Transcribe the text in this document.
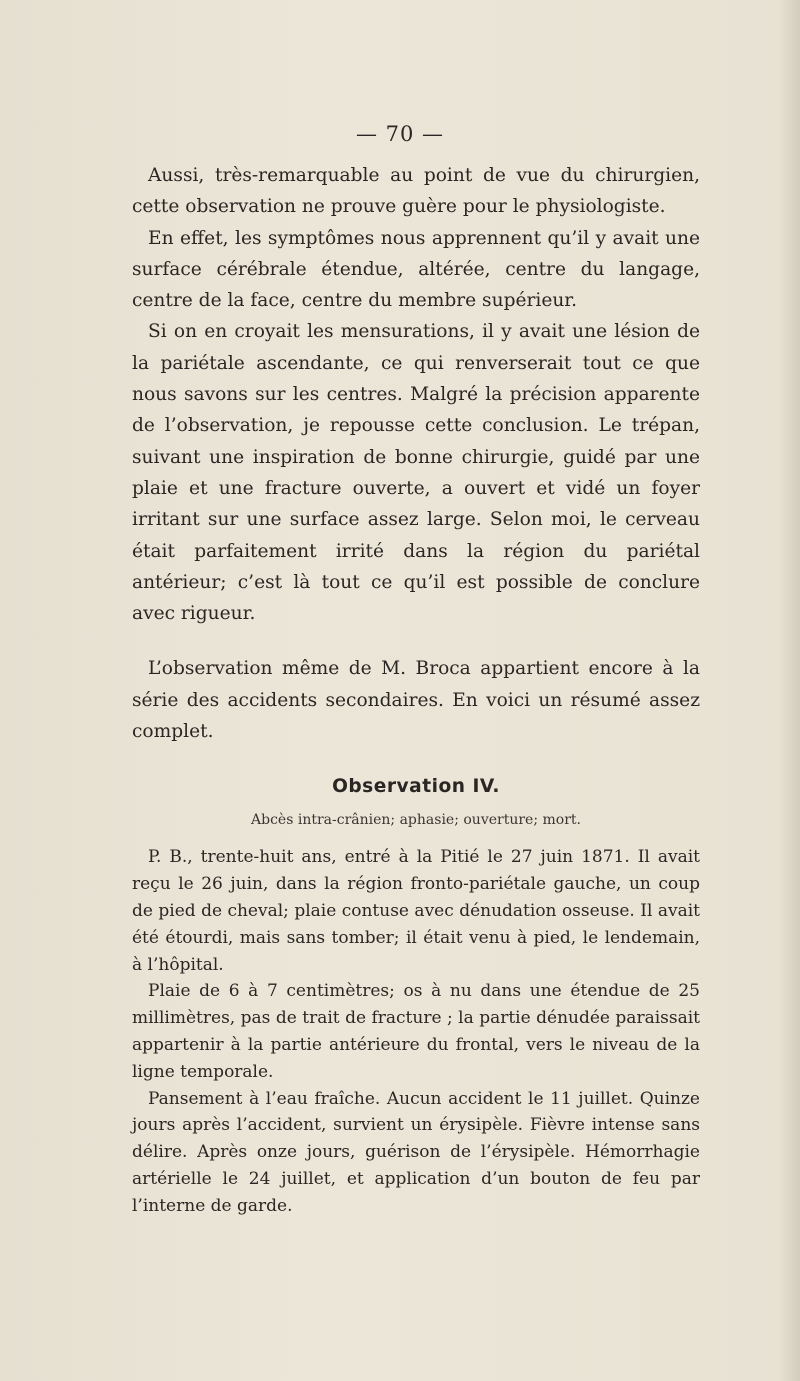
— 70 —

Aussi, très-remarquable au point de vue du chirurgien, cette observation ne prouve guère pour le physiologiste.

En effet, les symptômes nous apprennent qu’il y avait une surface cérébrale étendue, altérée, centre du langage, centre de la face, centre du membre supérieur.

Si on en croyait les mensurations, il y avait une lésion de la pariétale ascendante, ce qui renverserait tout ce que nous savons sur les centres. Malgré la précision apparente de l’observation, je repousse cette conclusion. Le trépan, suivant une inspiration de bonne chirurgie, guidé par une plaie et une fracture ouverte, a ouvert et vidé un foyer irritant sur une surface assez large. Selon moi, le cerveau était parfaitement irrité dans la région du pariétal antérieur; c’est là tout ce qu’il est possible de conclure avec rigueur.

L’observation même de M. Broca appartient encore à la série des accidents secondaires. En voici un résumé assez complet.

Observation IV.

Abcès intra-crânien; aphasie; ouverture; mort.

P. B., trente-huit ans, entré à la Pitié le 27 juin 1871. Il avait reçu le 26 juin, dans la région fronto-pariétale gauche, un coup de pied de cheval; plaie contuse avec dénudation osseuse. Il avait été étourdi, mais sans tomber; il était venu à pied, le lendemain, à l’hôpital.

Plaie de 6 à 7 centimètres; os à nu dans une étendue de 25 millimètres, pas de trait de fracture ; la partie dénudée paraissait appartenir à la partie antérieure du frontal, vers le niveau de la ligne temporale.

Pansement à l’eau fraîche. Aucun accident le 11 juillet. Quinze jours après l’accident, survient un érysipèle. Fièvre intense sans délire. Après onze jours, guérison de l’érysipèle. Hémorrhagie artérielle le 24 juillet, et application d’un bouton de feu par l’interne de garde.
